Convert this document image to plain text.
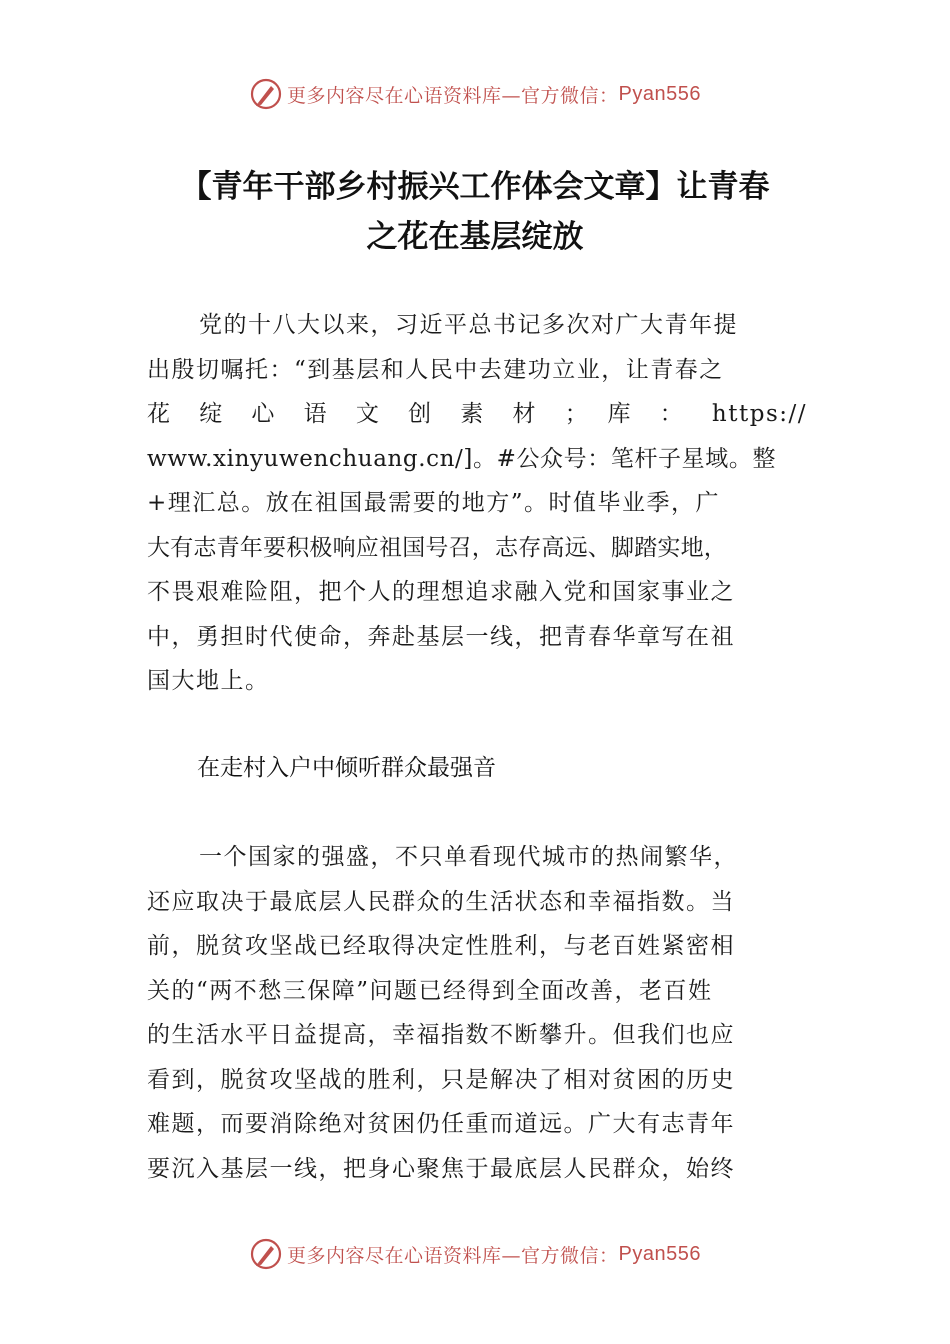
更多内容尽在心语资料库—官方微信： Pyan556
【青年干部乡村振兴工作体会文章】让青春
之花在基层绽放
党的十八大以来，习近平总书记多次对广大青年提
出殷切嘱托：“到基层和人民中去建功立业，让青春之
花 绽 心 语 文 创 素 材 ； 库 ： https://
www.xinyuwenchuang.cn/]。#公众号：笔杆子星域。整
+理汇总。放在祖国最需要的地方”。时值毕业季，广
大有志青年要积极响应祖国号召，志存高远、脚踏实地，
不畏艰难险阻，把个人的理想追求融入党和国家事业之
中，勇担时代使命，奔赴基层一线，把青春华章写在祖
国大地上。
在走村入户中倾听群众最强音
一个国家的强盛，不只单看现代城市的热闹繁华，
还应取决于最底层人民群众的生活状态和幸福指数。当
前，脱贫攻坚战已经取得决定性胜利，与老百姓紧密相
关的“两不愁三保障”问题已经得到全面改善，老百姓
的生活水平日益提高，幸福指数不断攀升。但我们也应
看到，脱贫攻坚战的胜利，只是解决了相对贫困的历史
难题，而要消除绝对贫困仍任重而道远。广大有志青年
要沉入基层一线，把身心聚焦于最底层人民群众，始终
更多内容尽在心语资料库—官方微信： Pyan556
